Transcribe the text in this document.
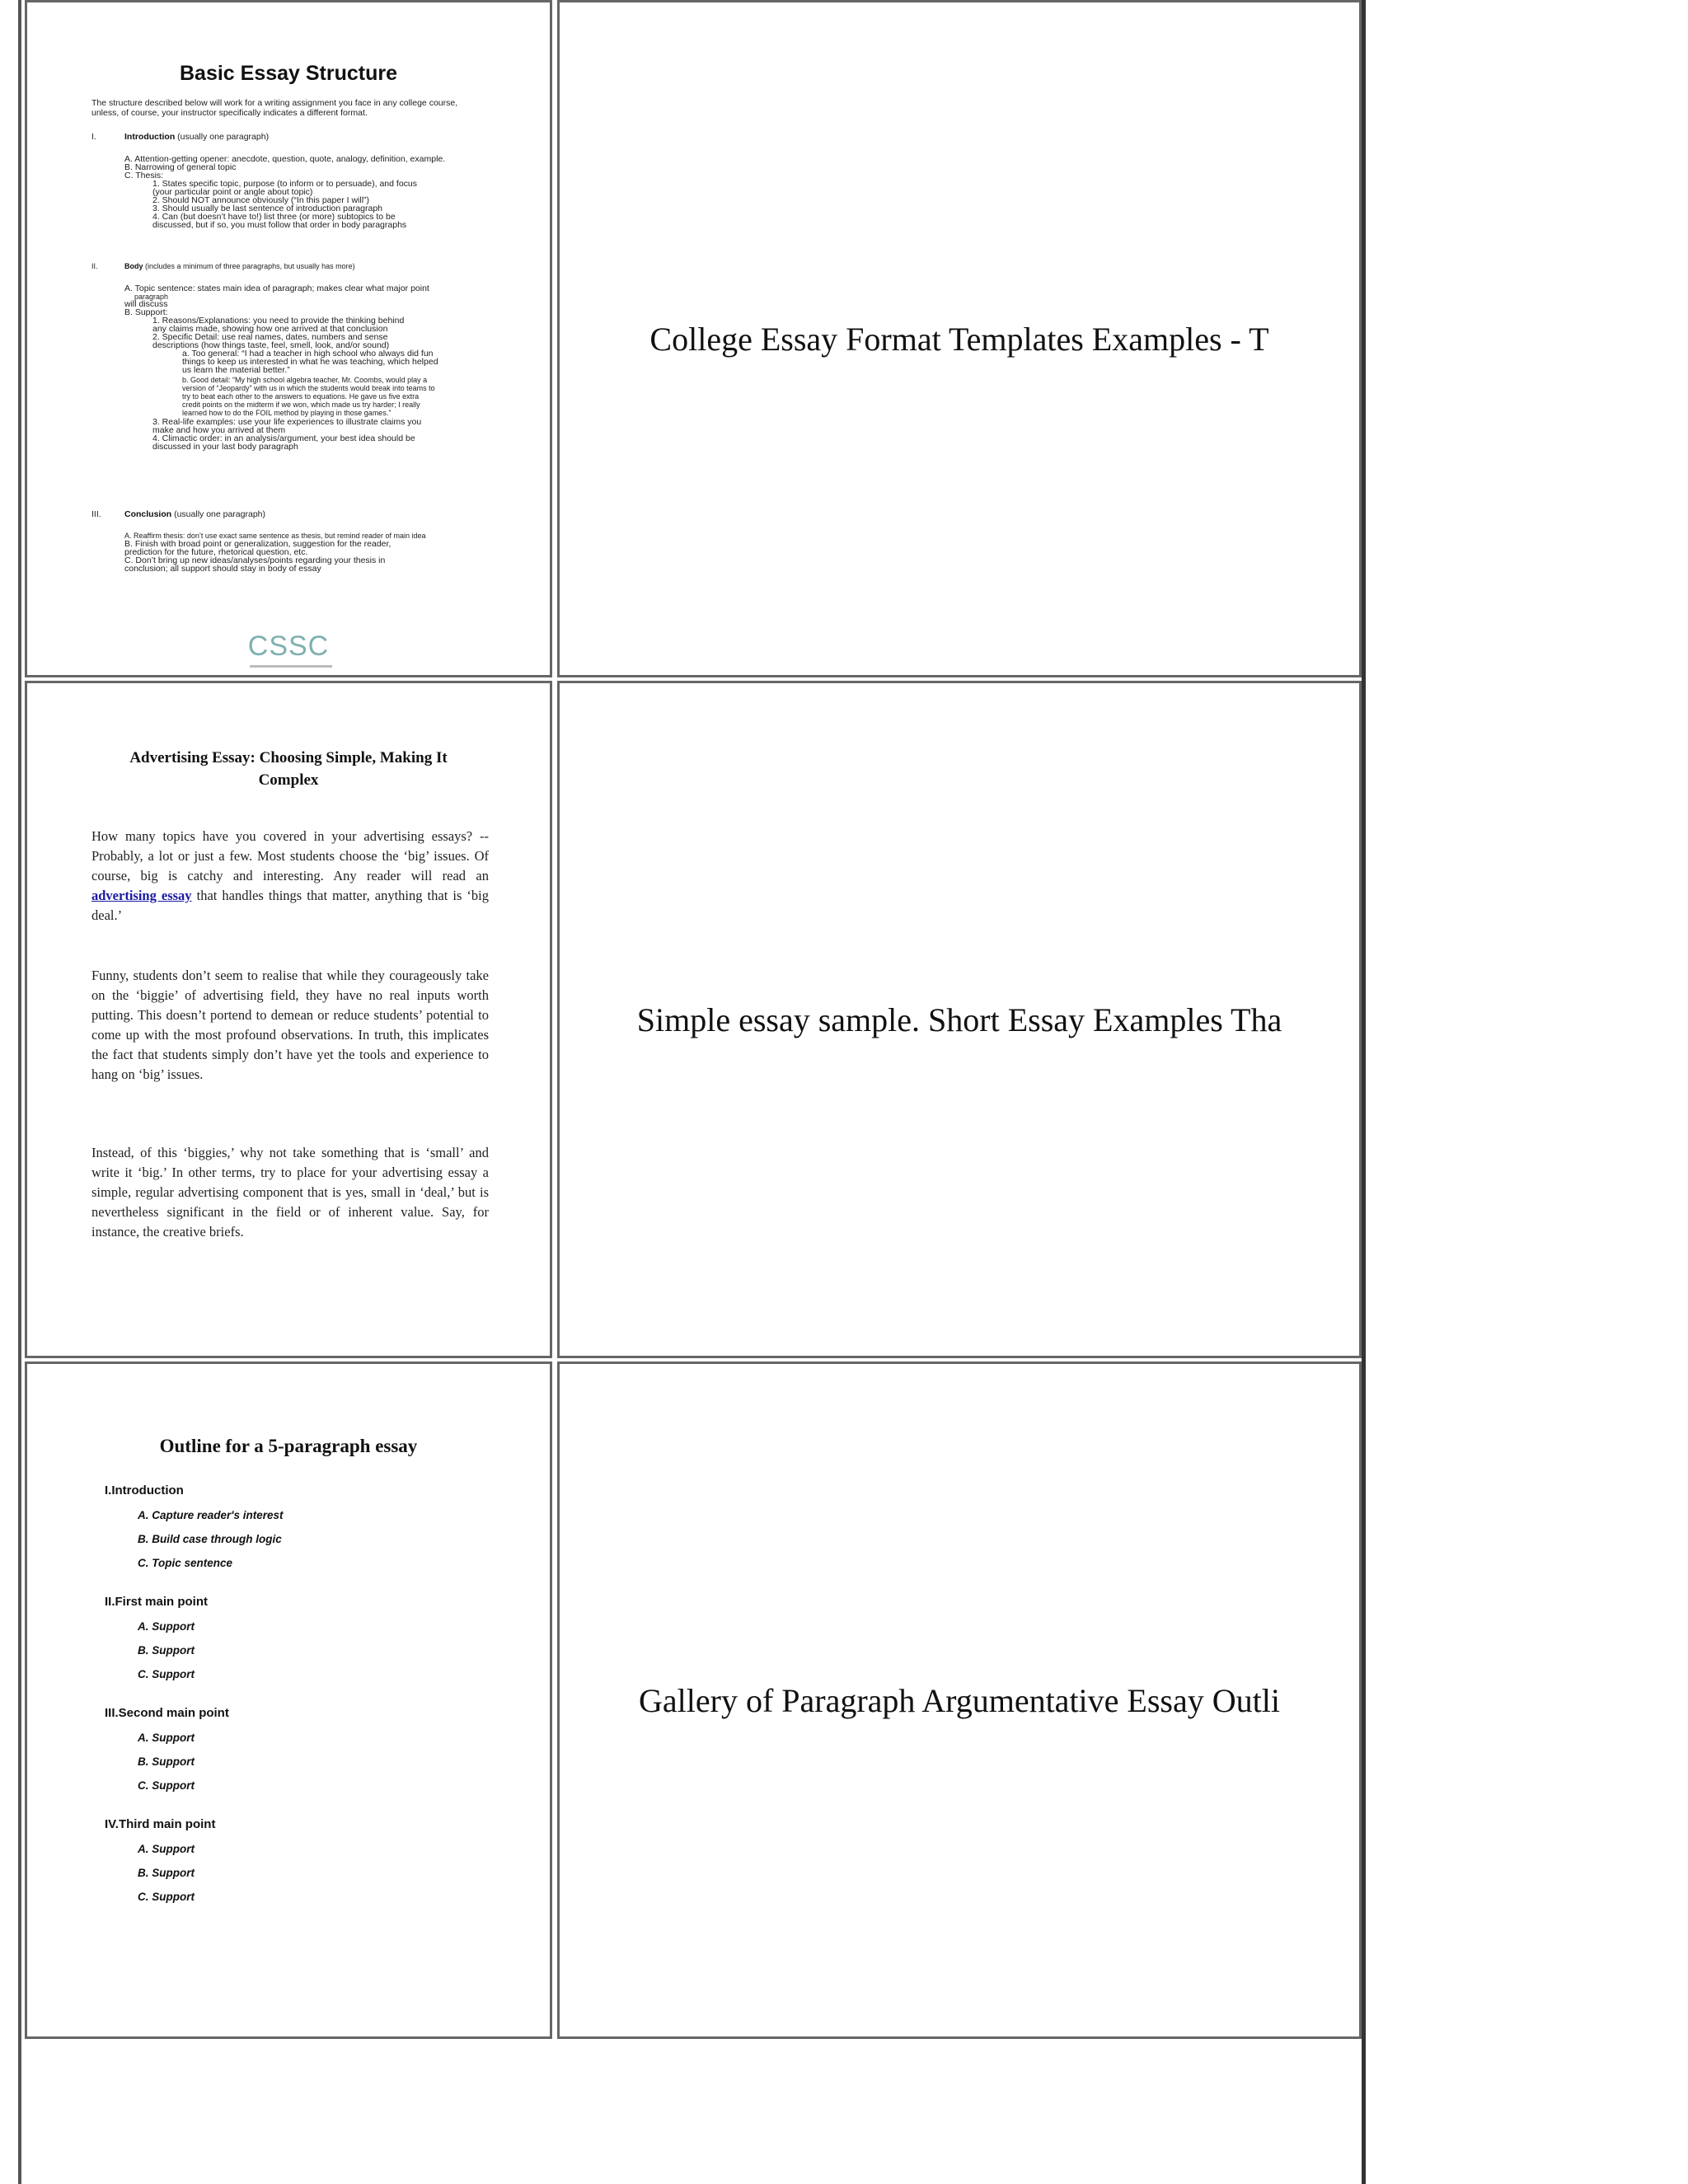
Basic Essay Structure
The structure described below will work for a writing assignment you face in any college course, unless, of course, your instructor specifically indicates a different format.
I.	Introduction (usually one paragraph)
A. Attention-getting opener: anecdote, question, quote, analogy, definition, example.
B. Narrowing of general topic
C. Thesis:
1. States specific topic, purpose (to inform or to persuade), and focus
(your particular point or angle about topic)
2. Should NOT announce obviously (“In this paper I will”)
3. Should usually be last sentence of introduction paragraph
4. Can (but doesn’t have to!) list three (or more) subtopics to be
discussed, but if so, you must follow that order in body paragraphs
II.	Body (includes a minimum of three paragraphs, but usually has more)
A. Topic sentence: states main idea of paragraph; makes clear what major point
paragraph
will discuss
B. Support:
1. Reasons/Explanations: you need to provide the thinking behind
any claims made, showing how one arrived at that conclusion
2. Specific Detail: use real names, dates, numbers and sense
descriptions (how things taste, feel, smell, look, and/or sound)
a. Too general: “I had a teacher in high school who always did fun
things to keep us interested in what he was teaching, which helped
us learn the material better.”
b. Good detail: “My high school algebra teacher, Mr. Coombs, would play a
version of “Jeopardy” with us in which the students would break into teams to
try to beat each other to the answers to equations. He gave us five extra
credit points on the midterm if we won, which made us try harder; I really
learned how to do the FOIL method by playing in those games.”
3. Real-life examples: use your life experiences to illustrate claims you
make and how you arrived at them
4. Climactic order: in an analysis/argument, your best idea should be
discussed in your last body paragraph
III.	Conclusion (usually one paragraph)
A. Reaffirm thesis: don’t use exact same sentence as thesis, but remind reader of main idea
B. Finish with broad point or generalization, suggestion for the reader,
prediction for the future, rhetorical question, etc.
C. Don’t bring up new ideas/analyses/points regarding your thesis in
conclusion; all support should stay in body of essay
CSSC
College Essay Format Templates Examples - T
Advertising Essay: Choosing Simple, Making It Complex
How many topics have you covered in your advertising essays? -- Probably, a lot or just a few. Most students choose the ‘big’ issues. Of course, big is catchy and interesting. Any reader will read an advertising essay that handles things that matter, anything that is ‘big deal.’
Funny, students don’t seem to realise that while they courageously take on the ‘biggie’ of advertising field, they have no real inputs worth putting. This doesn’t portend to demean or reduce students’ potential to come up with the most profound observations. In truth, this implicates the fact that students simply don’t have yet the tools and experience to hang on ‘big’ issues.
Instead, of this ‘biggies,’ why not take something that is ‘small’ and write it ‘big.’ In other terms, try to place for your advertising essay a simple, regular advertising component that is yes, small in ‘deal,’ but is nevertheless significant in the field or of inherent value. Say, for instance, the creative briefs.
Simple essay sample. Short Essay Examples Tha
Outline for a 5-paragraph essay
I.Introduction
A. Capture reader's interest
B. Build case through logic
C. Topic sentence
II.First main point
A. Support
B. Support
C. Support
III.Second main point
A. Support
B. Support
C. Support
IV.Third main point
A. Support
B. Support
C. Support
Gallery of Paragraph Argumentative Essay Outli
